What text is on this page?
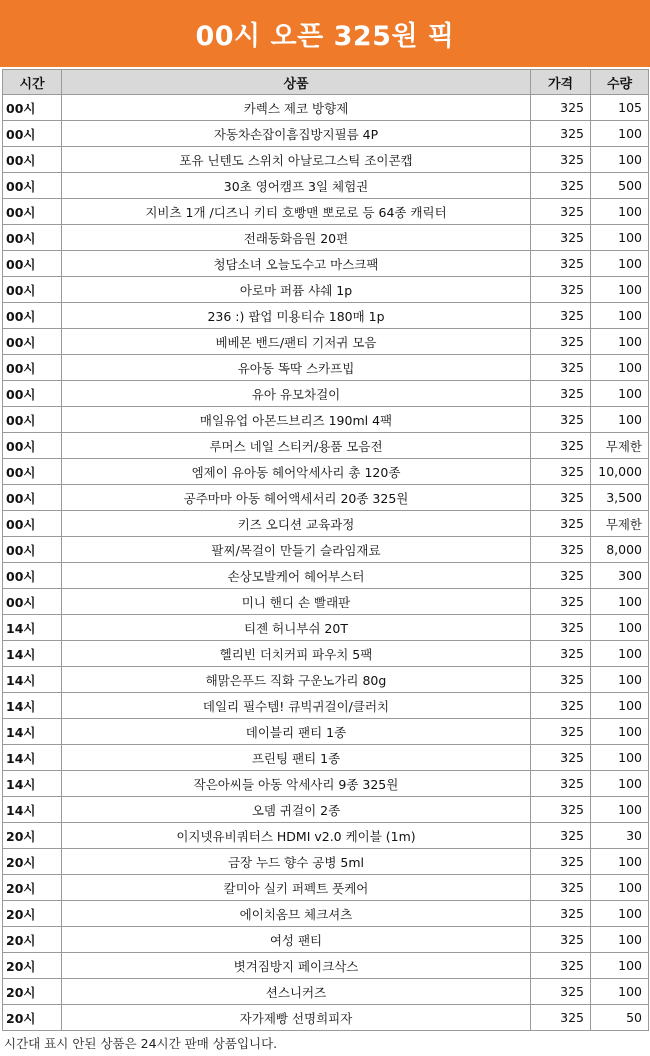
00시 오픈 325원 픽
시간	상품	가격	수량
00시	카렉스 제코 방향제	325	105
00시	자동차손잡이흠집방지필름 4P	325	100
00시	포유 닌텐도 스위치 아날로그스틱 조이콘캡	325	100
00시	30초 영어캠프 3일 체험권	325	500
00시	지비츠 1개 /디즈니 키티 호빵맨 뽀로로 등 64종 캐릭터	325	100
00시	전래동화음원 20편	325	100
00시	청담소녀 오늘도수고 마스크팩	325	100
00시	아로마 퍼퓸 샤쉐 1p	325	100
00시	236 :) 팝업 미용티슈 180매 1p	325	100
00시	베베몬 밴드/팬티 기저귀 모음	325	100
00시	유아동 똑딱 스카프빕	325	100
00시	유아 유모차걸이	325	100
00시	매일유업 아몬드브리즈 190ml 4팩	325	100
00시	루머스 네일 스티커/용품 모음전	325	무제한
00시	엠제이 유아동 헤어악세사리 총 120종	325	10,000
00시	공주마마 아동 헤어액세서리 20종 325원	325	3,500
00시	키즈 오디션 교육과정	325	무제한
00시	팔찌/목걸이 만들기 슬라임재료	325	8,000
00시	손상모발케어 헤어부스터	325	300
00시	미니 핸디 손 빨래판	325	100
14시	티젠 허니부쉬 20T	325	100
14시	헬리빈 더치커피 파우치 5팩	325	100
14시	해맑은푸드 직화 구운노가리 80g	325	100
14시	데일리 필수템! 큐빅귀걸이/클러치	325	100
14시	데이블리 팬티 1종	325	100
14시	프린팅 팬티 1종	325	100
14시	작은아씨들 아동 악세사리 9종 325원	325	100
14시	오뎀 귀걸이 2종	325	100
20시	이지넷유비쿼터스 HDMI v2.0 케이블 (1m)	325	30
20시	금장 누드 향수 공병 5ml	325	100
20시	칼미아 실키 퍼펙트 풋케어	325	100
20시	에이치옴므 체크셔츠	325	100
20시	여성 팬티	325	100
20시	볏겨짐방지 페이크삭스	325	100
20시	션스니커즈	325	100
20시	자가제빵 선명희피자	325	50
시간대 표시 안된 상품은 24시간 판매 상품입니다.
